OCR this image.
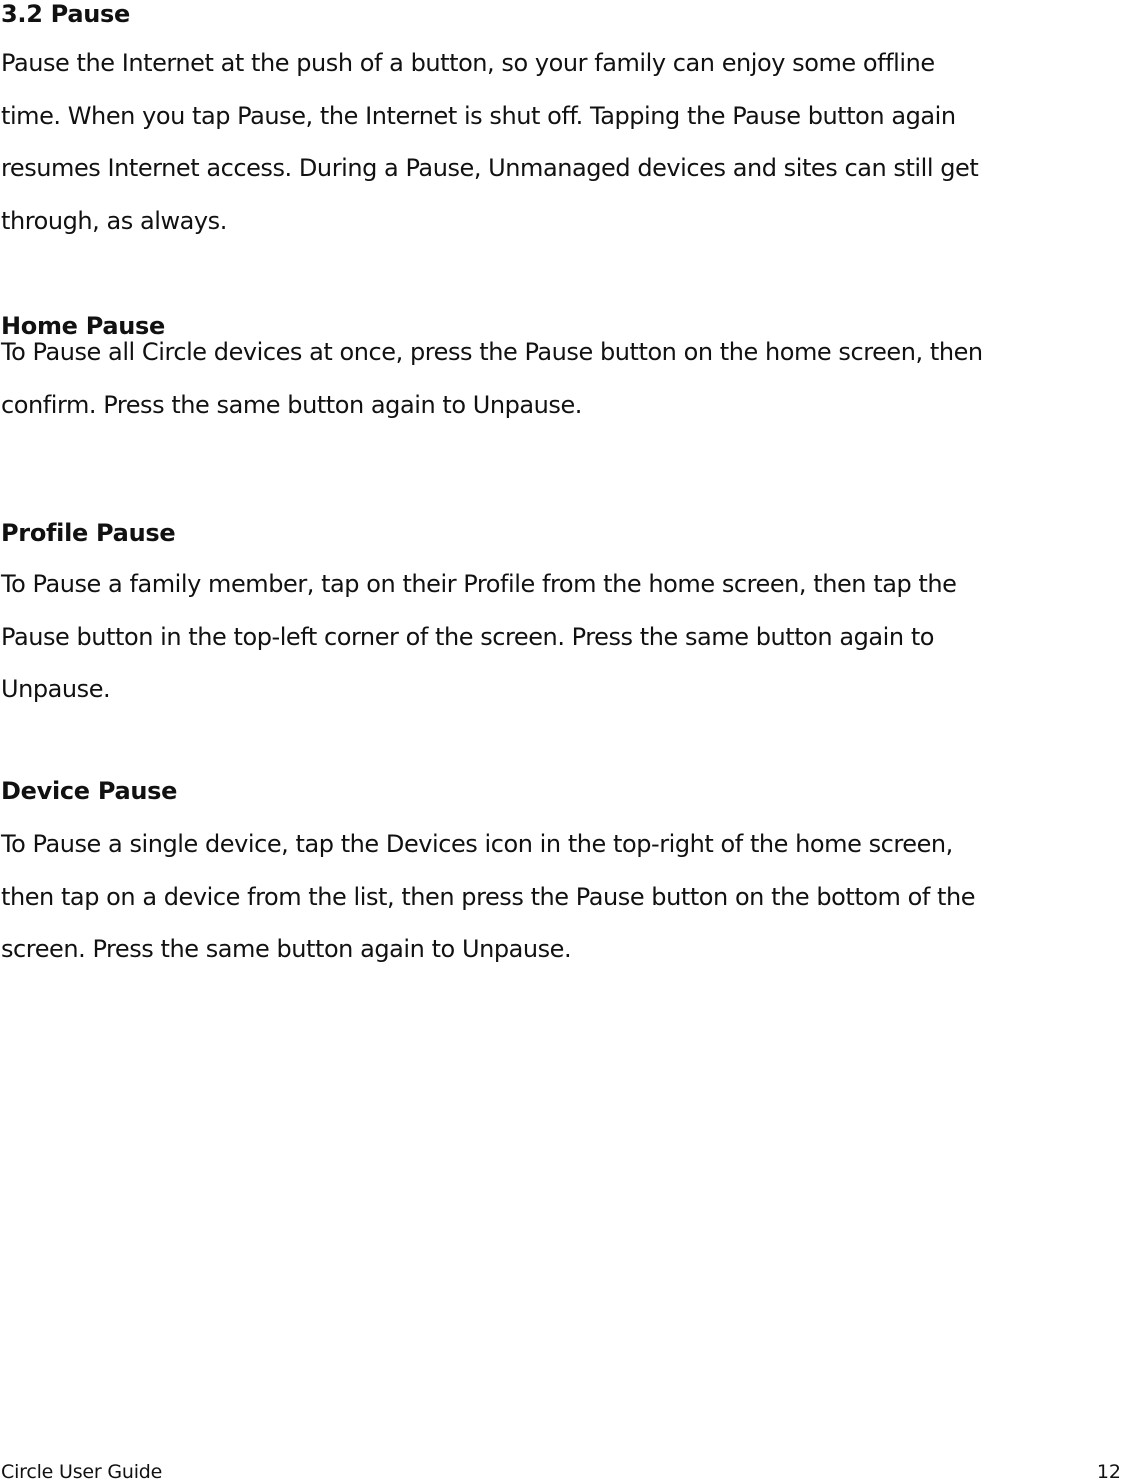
3.2 Pause

Pause the Internet at the push of a button, so your family can enjoy some offline
time. When you tap Pause, the Internet is shut off. Tapping the Pause button again
resumes Internet access. During a Pause, Unmanaged devices and sites can still get
through, as always.

Home Pause

To Pause all Circle devices at once, press the Pause button on the home screen, then
confirm. Press the same button again to Unpause.

Profile Pause

To Pause a family member, tap on their Profile from the home screen, then tap the
Pause button in the top-left corner of the screen. Press the same button again to
Unpause.

Device Pause

To Pause a single device, tap the Devices icon in the top-right of the home screen,
then tap on a device from the list, then press the Pause button on the bottom of the
screen. Press the same button again to Unpause.

Circle User Guide	12
